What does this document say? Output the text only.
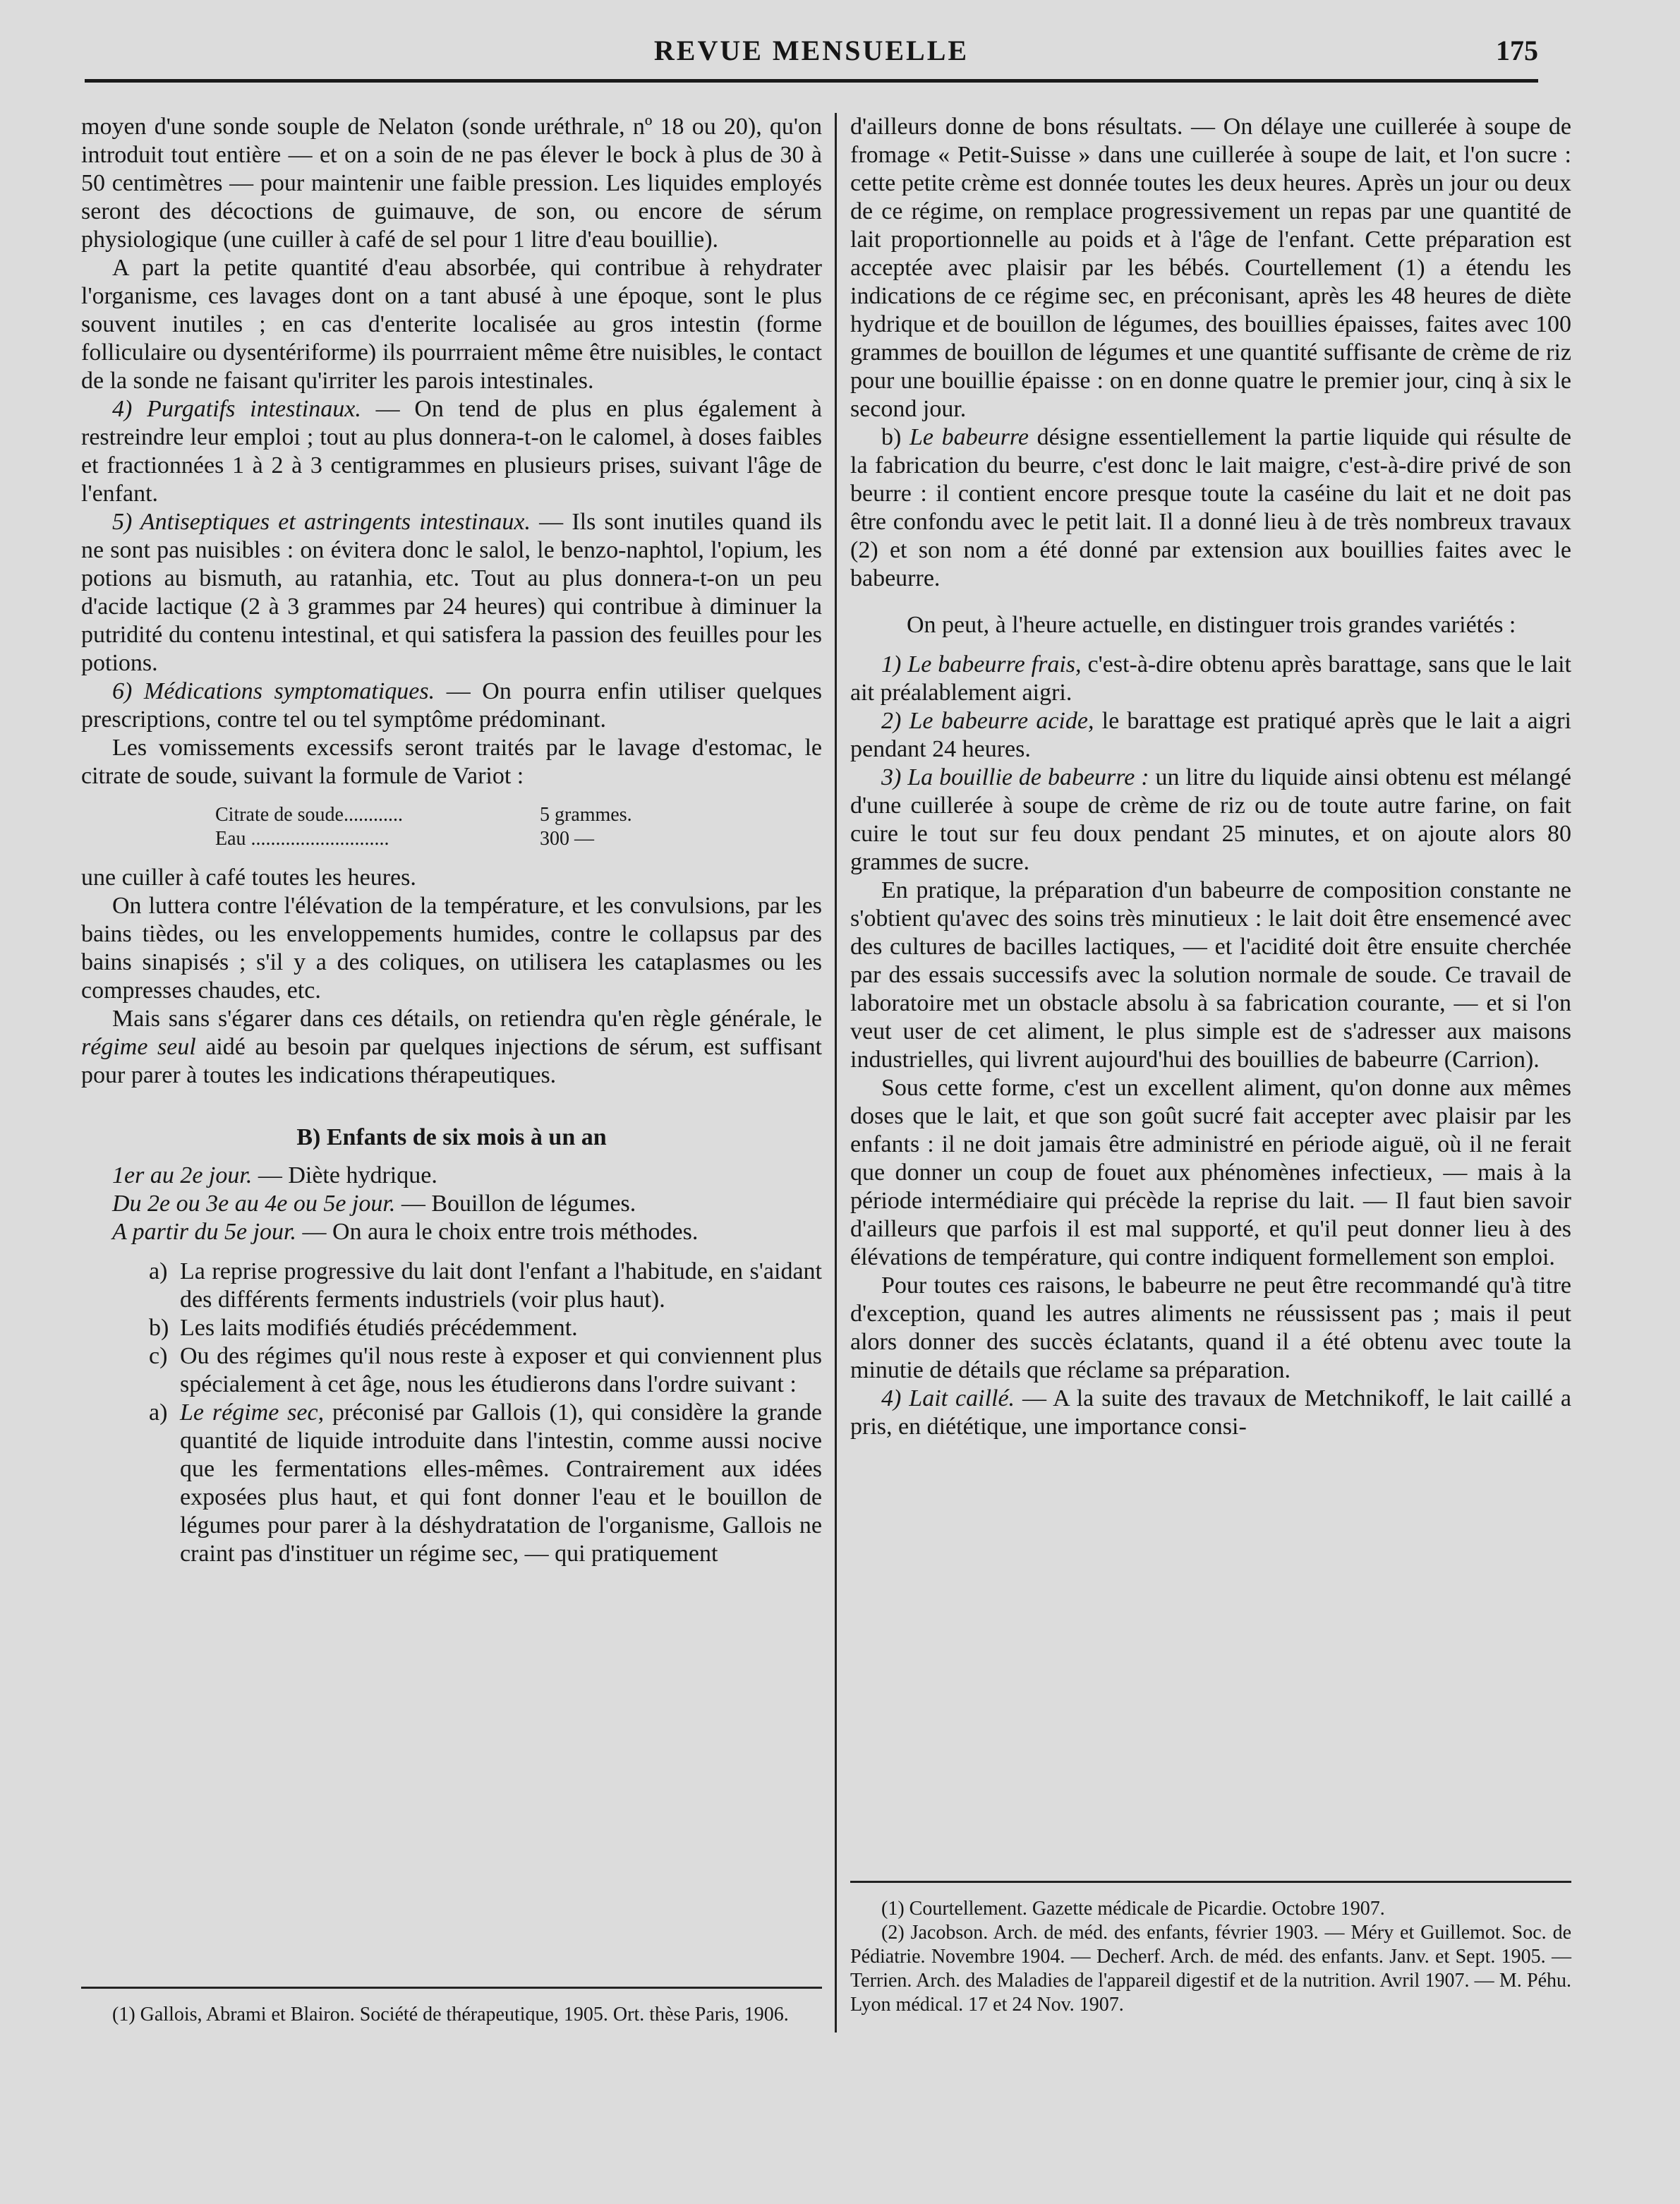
REVUE MENSUELLE	175

moyen d'une sonde souple de Nelaton (sonde uréthrale, nº 18 ou 20), qu'on introduit tout entière — et on a soin de ne pas élever le bock à plus de 30 à 50 centimètres — pour maintenir une faible pression. Les liquides employés seront des décoctions de guimauve, de son, ou encore de sérum physiologique (une cuiller à café de sel pour 1 litre d'eau bouillie).

A part la petite quantité d'eau absorbée, qui contribue à rehydrater l'organisme, ces lavages dont on a tant abusé à une époque, sont le plus souvent inutiles ; en cas d'enterite localisée au gros intestin (forme folliculaire ou dysentériforme) ils pourrraient même être nuisibles, le contact de la sonde ne faisant qu'irriter les parois intestinales.

4) Purgatifs intestinaux. — On tend de plus en plus également à restreindre leur emploi ; tout au plus donnera-t-on le calomel, à doses faibles et fractionnées 1 à 2 à 3 centigrammes en plusieurs prises, suivant l'âge de l'enfant.

5) Antiseptiques et astringents intestinaux. — Ils sont inutiles quand ils ne sont pas nuisibles : on évitera donc le salol, le benzo-naphtol, l'opium, les potions au bismuth, au ratanhia, etc. Tout au plus donnera-t-on un peu d'acide lactique (2 à 3 grammes par 24 heures) qui contribue à diminuer la putridité du contenu intestinal, et qui satisfera la passion des feuilles pour les potions.

6) Médications symptomatiques. — On pourra enfin utiliser quelques prescriptions, contre tel ou tel symptôme prédominant.

Les vomissements excessifs seront traités par le lavage d'estomac, le citrate de soude, suivant la formule de Variot :

Citrate de soude............	5 grammes.
Eau ............................	300 —

une cuiller à café toutes les heures.

On luttera contre l'élévation de la température, et les convulsions, par les bains tièdes, ou les enveloppements humides, contre le collapsus par des bains sinapisés ; s'il y a des coliques, on utilisera les cataplasmes ou les compresses chaudes, etc.

Mais sans s'égarer dans ces détails, on retiendra qu'en règle générale, le régime seul aidé au besoin par quelques injections de sérum, est suffisant pour parer à toutes les indications thérapeutiques.

B) Enfants de six mois à un an

1er au 2e jour. — Diète hydrique.

Du 2e ou 3e au 4e ou 5e jour. — Bouillon de légumes.

A partir du 5e jour. — On aura le choix entre trois méthodes.

a) La reprise progressive du lait dont l'enfant a l'habitude, en s'aidant des différents ferments industriels (voir plus haut).
b) Les laits modifiés étudiés précédemment.
c) Ou des régimes qu'il nous reste à exposer et qui conviennent plus spécialement à cet âge, nous les étudierons dans l'ordre suivant :
a) Le régime sec, préconisé par Gallois (1), qui considère la grande quantité de liquide introduite dans l'intestin, comme aussi nocive que les fermentations elles-mêmes. Contrairement aux idées exposées plus haut, et qui font donner l'eau et le bouillon de légumes pour parer à la déshydratation de l'organisme, Gallois ne craint pas d'instituer un régime sec, — qui pratiquement

(1) Gallois, Abrami et Blairon. Société de thérapeutique, 1905. Ort. thèse Paris, 1906.

d'ailleurs donne de bons résultats. — On délaye une cuillerée à soupe de fromage « Petit-Suisse » dans une cuillerée à soupe de lait, et l'on sucre : cette petite crème est donnée toutes les deux heures. Après un jour ou deux de ce régime, on remplace progressivement un repas par une quantité de lait proportionnelle au poids et à l'âge de l'enfant. Cette préparation est acceptée avec plaisir par les bébés. Courtellement (1) a étendu les indications de ce régime sec, en préconisant, après les 48 heures de diète hydrique et de bouillon de légumes, des bouillies épaisses, faites avec 100 grammes de bouillon de légumes et une quantité suffisante de crème de riz pour une bouillie épaisse : on en donne quatre le premier jour, cinq à six le second jour.

b) Le babeurre désigne essentiellement la partie liquide qui résulte de la fabrication du beurre, c'est donc le lait maigre, c'est-à-dire privé de son beurre : il contient encore presque toute la caséine du lait et ne doit pas être confondu avec le petit lait. Il a donné lieu à de très nombreux travaux (2) et son nom a été donné par extension aux bouillies faites avec le babeurre.

On peut, à l'heure actuelle, en distinguer trois grandes variétés :

1) Le babeurre frais, c'est-à-dire obtenu après barattage, sans que le lait ait préalablement aigri.

2) Le babeurre acide, le barattage est pratiqué après que le lait a aigri pendant 24 heures.

3) La bouillie de babeurre : un litre du liquide ainsi obtenu est mélangé d'une cuillerée à soupe de crème de riz ou de toute autre farine, on fait cuire le tout sur feu doux pendant 25 minutes, et on ajoute alors 80 grammes de sucre.

En pratique, la préparation d'un babeurre de composition constante ne s'obtient qu'avec des soins très minutieux : le lait doit être ensemencé avec des cultures de bacilles lactiques, — et l'acidité doit être ensuite cherchée par des essais successifs avec la solution normale de soude. Ce travail de laboratoire met un obstacle absolu à sa fabrication courante, — et si l'on veut user de cet aliment, le plus simple est de s'adresser aux maisons industrielles, qui livrent aujourd'hui des bouillies de babeurre (Carrion).

Sous cette forme, c'est un excellent aliment, qu'on donne aux mêmes doses que le lait, et que son goût sucré fait accepter avec plaisir par les enfants : il ne doit jamais être administré en période aiguë, où il ne ferait que donner un coup de fouet aux phénomènes infectieux, — mais à la période intermédiaire qui précède la reprise du lait. — Il faut bien savoir d'ailleurs que parfois il est mal supporté, et qu'il peut donner lieu à des élévations de température, qui contre indiquent formellement son emploi.

Pour toutes ces raisons, le babeurre ne peut être recommandé qu'à titre d'exception, quand les autres aliments ne réussissent pas ; mais il peut alors donner des succès éclatants, quand il a été obtenu avec toute la minutie de détails que réclame sa préparation.

4) Lait caillé. — A la suite des travaux de Metchnikoff, le lait caillé a pris, en diététique, une importance consi-

(1) Courtellement. Gazette médicale de Picardie. Octobre 1907.

(2) Jacobson. Arch. de méd. des enfants, février 1903. — Méry et Guillemot. Soc. de Pédiatrie. Novembre 1904. — Decherf. Arch. de méd. des enfants. Janv. et Sept. 1905. — Terrien. Arch. des Maladies de l'appareil digestif et de la nutrition. Avril 1907. — M. Péhu. Lyon médical. 17 et 24 Nov. 1907.
